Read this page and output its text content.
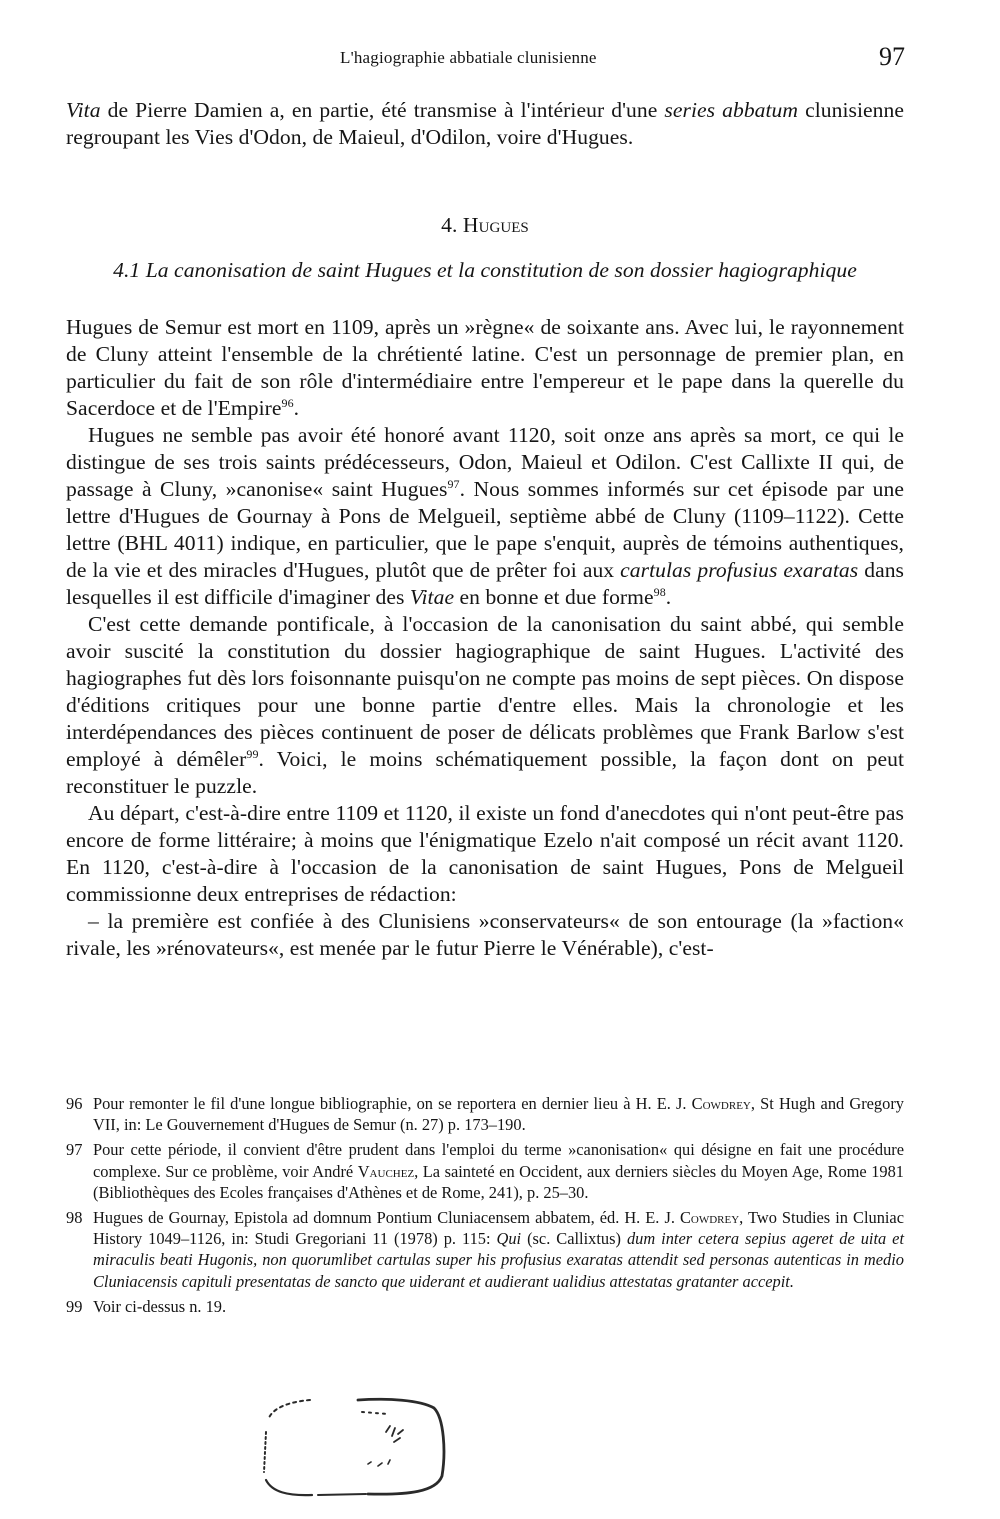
L'hagiographie abbatiale clunisienne	97

Vita de Pierre Damien a, en partie, été transmise à l'intérieur d'une series abbatum clunisienne regroupant les Vies d'Odon, de Maieul, d'Odilon, voire d'Hugues.

4. Hugues
4.1 La canonisation de saint Hugues et la constitution de son dossier hagiographique

Hugues de Semur est mort en 1109, après un »règne« de soixante ans. Avec lui, le rayonnement de Cluny atteint l'ensemble de la chrétienté latine. C'est un personnage de premier plan, en particulier du fait de son rôle d'intermédiaire entre l'empereur et le pape dans la querelle du Sacerdoce et de l'Empire$^{96}$.

Hugues ne semble pas avoir été honoré avant 1120, soit onze ans après sa mort, ce qui le distingue de ses trois saints prédécesseurs, Odon, Maieul et Odilon. C'est Callixte II qui, de passage à Cluny, »canonise« saint Hugues$^{97}$. Nous sommes informés sur cet épisode par une lettre d'Hugues de Gournay à Pons de Melgueil, septième abbé de Cluny (1109–1122). Cette lettre (BHL 4011) indique, en particulier, que le pape s'enquit, auprès de témoins authentiques, de la vie et des miracles d'Hugues, plutôt que de prêter foi aux cartulas profusius exaratas dans lesquelles il est difficile d'imaginer des Vitae en bonne et due forme$^{98}$.

C'est cette demande pontificale, à l'occasion de la canonisation du saint abbé, qui semble avoir suscité la constitution du dossier hagiographique de saint Hugues. L'activité des hagiographes fut dès lors foisonnante puisqu'on ne compte pas moins de sept pièces. On dispose d'éditions critiques pour une bonne partie d'entre elles. Mais la chronologie et les interdépendances des pièces continuent de poser de délicats problèmes que Frank Barlow s'est employé à démêler$^{99}$. Voici, le moins schématiquement possible, la façon dont on peut reconstituer le puzzle.

Au départ, c'est-à-dire entre 1109 et 1120, il existe un fond d'anecdotes qui n'ont peut-être pas encore de forme littéraire; à moins que l'énigmatique Ezelo n'ait composé un récit avant 1120. En 1120, c'est-à-dire à l'occasion de la canonisation de saint Hugues, Pons de Melgueil commissionne deux entreprises de rédaction:

– la première est confiée à des Clunisiens »conservateurs« de son entourage (la »faction« rivale, les »rénovateurs«, est menée par le futur Pierre le Vénérable), c'est-

96 Pour remonter le fil d'une longue bibliographie, on se reportera en dernier lieu à H. E. J. Cowdrey, St Hugh and Gregory VII, in: Le Gouvernement d'Hugues de Semur (n. 27) p. 173–190.
97 Pour cette période, il convient d'être prudent dans l'emploi du terme »canonisation« qui désigne en fait une procédure complexe. Sur ce problème, voir André Vauchez, La sainteté en Occident, aux derniers siècles du Moyen Age, Rome 1981 (Bibliothèques des Ecoles françaises d'Athènes et de Rome, 241), p. 25–30.
98 Hugues de Gournay, Epistola ad domnum Pontium Cluniacensem abbatem, éd. H. E. J. Cowdrey, Two Studies in Cluniac History 1049–1126, in: Studi Gregoriani 11 (1978) p. 115: Qui (sc. Callixtus) dum inter cetera sepius ageret de uita et miraculis beati Hugonis, non quorumlibet cartulas super his profusius exaratas attendit sed personas autenticas in medio Cluniacensis capituli presentatas de sancto que uiderant et audierant ualidius attestatas gratanter accepit.
99 Voir ci-dessus n. 19.
